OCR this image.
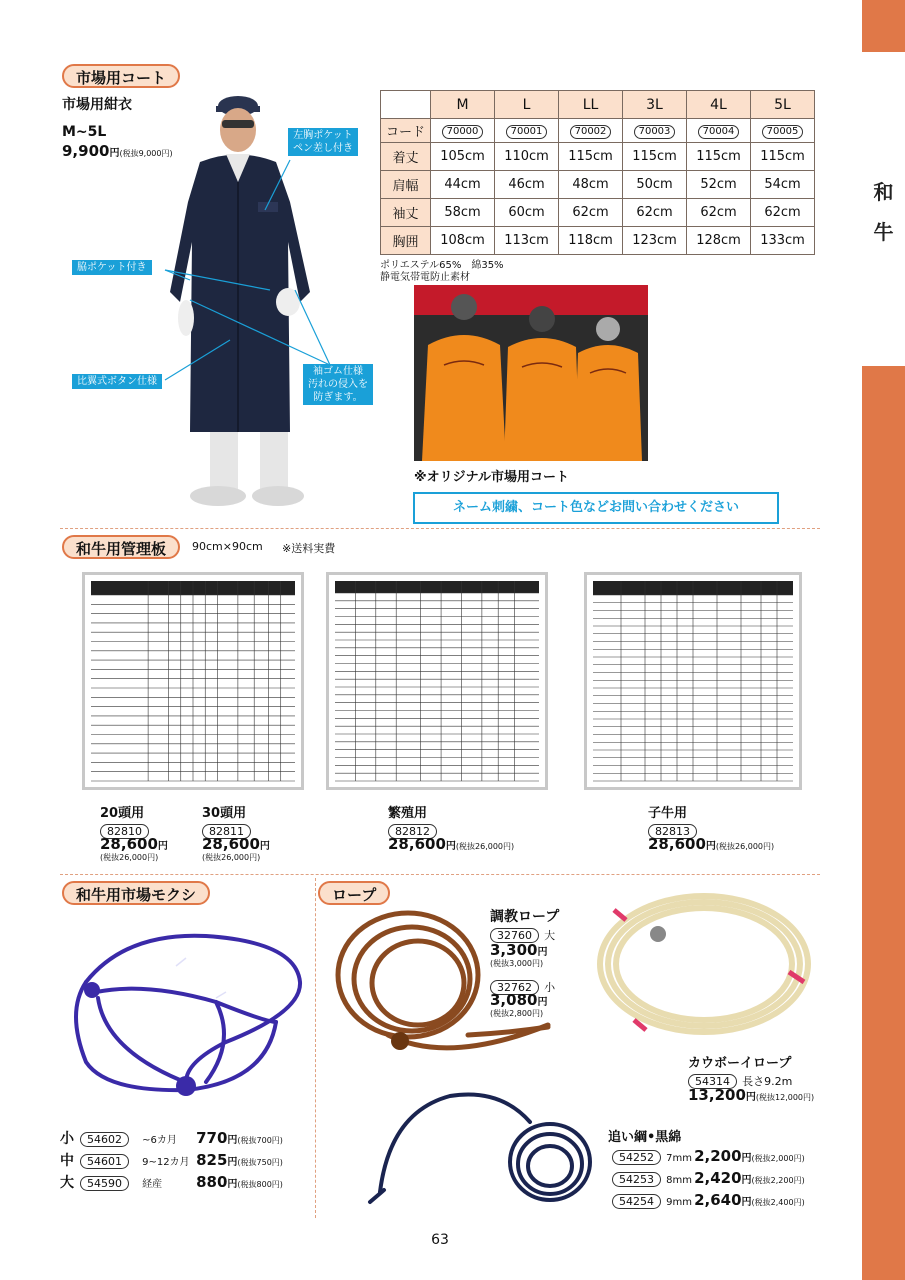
和
牛
市場用コート
市場用紺衣
M~5L
9,900円(税抜9,000円)
左胸ポケット
ペン差し付き
脇ポケット付き
比翼式ボタン仕様
袖ゴム仕様
汚れの侵入を
防ぎます。
	M	L	LL	3L	4L	5L
コード	70000	70001	70002	70003	70004	70005
着丈	105cm	110cm	115cm	115cm	115cm	115cm
肩幅	44cm	46cm	48cm	50cm	52cm	54cm
袖丈	58cm	60cm	62cm	62cm	62cm	62cm
胸囲	108cm	113cm	118cm	123cm	128cm	133cm
ポリエステル65%　綿35%
静電気帯電防止素材
※オリジナル市場用コート
ネーム刺繍、コート色などお問い合わせください
和牛用管理板	90cm×90cm ※送料実費
20頭用
82810
28,600円
(税抜26,000円)
30頭用
82811
28,600円
(税抜26,000円)
繁殖用
82812
28,600円(税抜26,000円)
子牛用
82813
28,600円(税抜26,000円)
和牛用市場モクシ
小 54602 ~6カ月 770円(税抜700円)
中 54601 9~12カ月 825円(税抜750円)
大 54590 経産 880円(税抜800円)
ロープ
調教ロープ
32760 大
3,300円
(税抜3,000円)
32762 小
3,080円
(税抜2,800円)
カウボーイロープ
54314 長さ9.2m
13,200円(税抜12,000円)
追い綱•黒綿
54252 7mm 2,200円(税抜2,000円)
54253 8mm 2,420円(税抜2,200円)
54254 9mm 2,640円(税抜2,400円)
63
